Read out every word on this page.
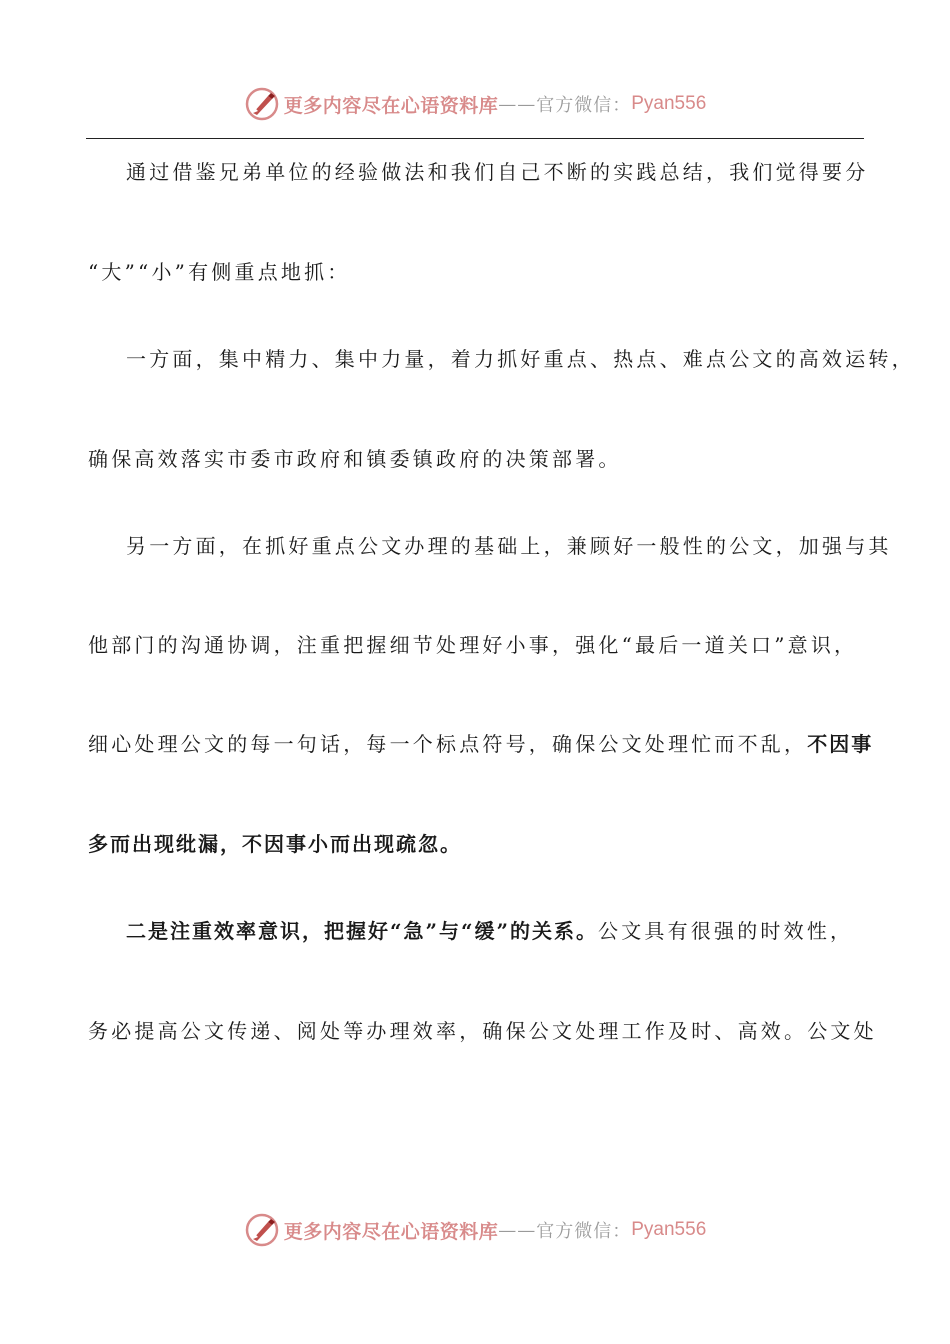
更多内容尽在心语资料库 —— 官方微信： Pyan556
通过借鉴兄弟单位的经验做法和我们自己不断的实践总结，我们觉得要分
“大”“小”有侧重点地抓：
一方面，集中精力、集中力量，着力抓好重点、热点、难点公文的高效运转，
确保高效落实市委市政府和镇委镇政府的决策部署。
另一方面，在抓好重点公文办理的基础上，兼顾好一般性的公文，加强与其
他部门的沟通协调，注重把握细节处理好小事，强化“最后一道关口”意识，
细心处理公文的每一句话，每一个标点符号，确保公文处理忙而不乱，不因事
多而出现纰漏，不因事小而出现疏忽。
二是注重效率意识，把握好“急”与“缓”的关系。公文具有很强的时效性，
务必提高公文传递、阅处等办理效率，确保公文处理工作及时、高效。公文处
更多内容尽在心语资料库 —— 官方微信： Pyan556
